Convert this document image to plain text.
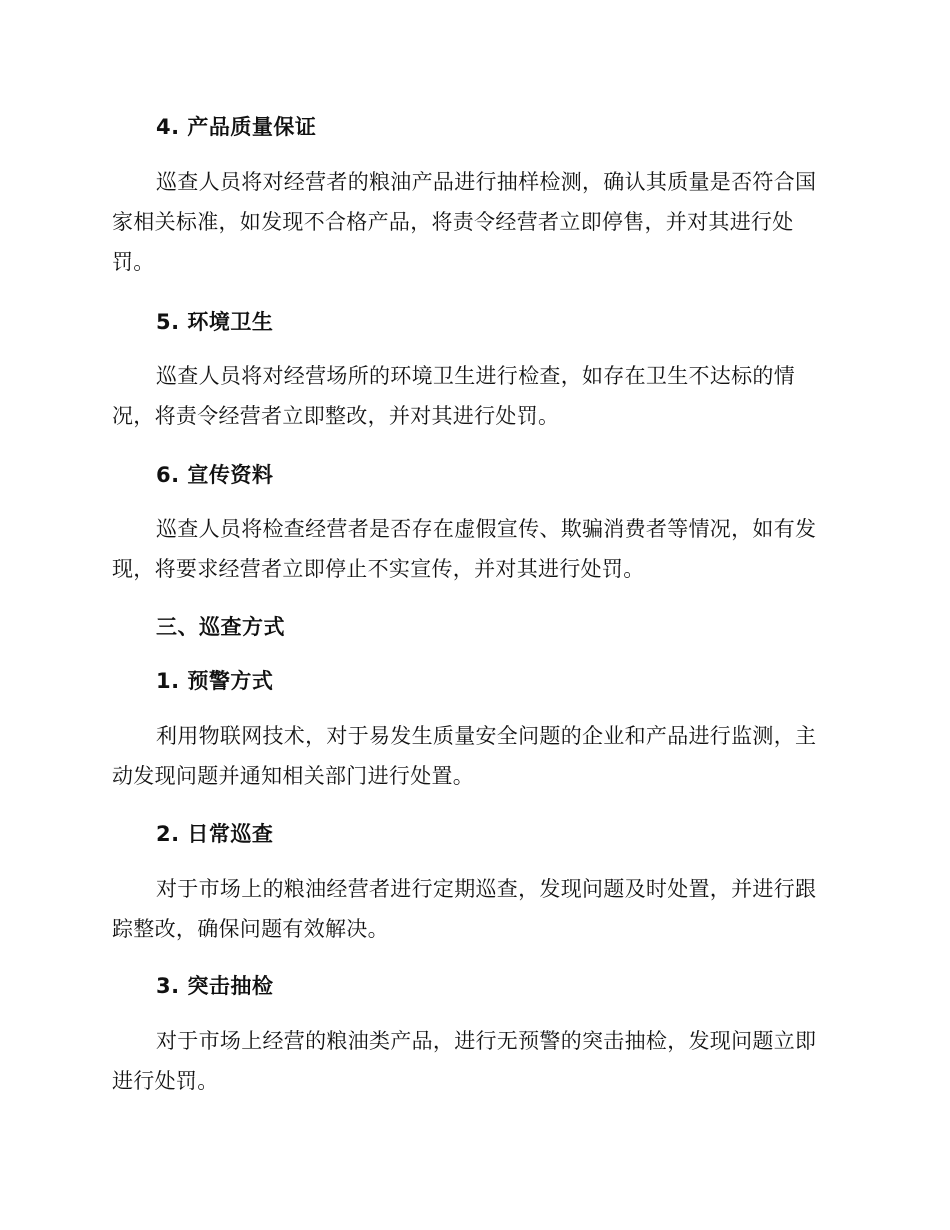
4. 产品质量保证

巡查人员将对经营者的粮油产品进行抽样检测，确认其质量是否符合国家相关标准，如发现不合格产品，将责令经营者立即停售，并对其进行处罚。

5. 环境卫生

巡查人员将对经营场所的环境卫生进行检查，如存在卫生不达标的情况，将责令经营者立即整改，并对其进行处罚。

6. 宣传资料

巡查人员将检查经营者是否存在虚假宣传、欺骗消费者等情况，如有发现，将要求经营者立即停止不实宣传，并对其进行处罚。

三、巡查方式
1. 预警方式

利用物联网技术，对于易发生质量安全问题的企业和产品进行监测，主动发现问题并通知相关部门进行处置。

2. 日常巡查

对于市场上的粮油经营者进行定期巡查，发现问题及时处置，并进行跟踪整改，确保问题有效解决。

3. 突击抽检

对于市场上经营的粮油类产品，进行无预警的突击抽检，发现问题立即进行处罚。
